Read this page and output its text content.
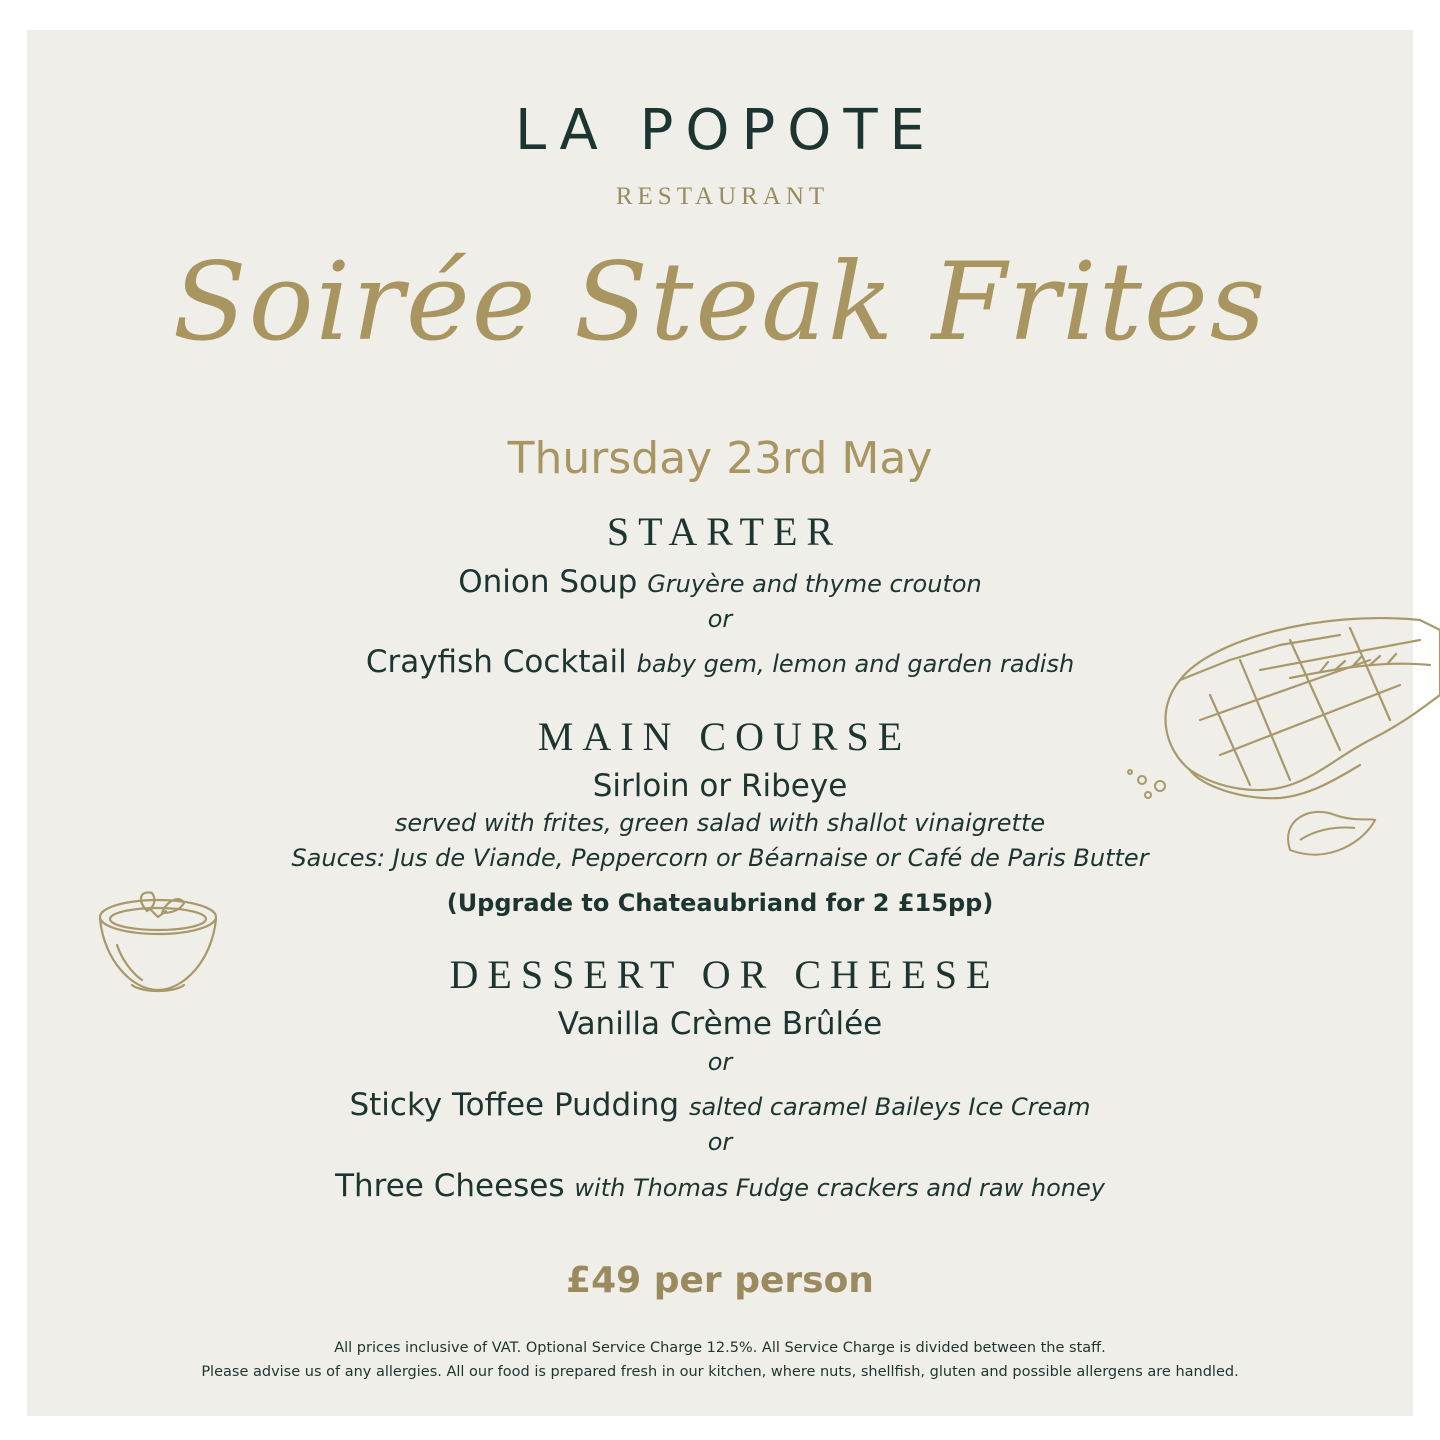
LA POPOTE
RESTAURANT
Soirée Steak Frites
Thursday 23rd May
STARTER
Onion Soup Gruyère and thyme crouton
or
Crayfish Cocktail baby gem, lemon and garden radish
MAIN COURSE
Sirloin or Ribeye
served with frites, green salad with shallot vinaigrette
Sauces: Jus de Viande, Peppercorn or Béarnaise or Café de Paris Butter
(Upgrade to Chateaubriand for 2 £15pp)
DESSERT OR CHEESE
Vanilla Crème Brûlée
or
Sticky Toffee Pudding salted caramel Baileys Ice Cream
or
Three Cheeses with Thomas Fudge crackers and raw honey
£49 per person
All prices inclusive of VAT. Optional Service Charge 12.5%. All Service Charge is divided between the staff.
Please advise us of any allergies. All our food is prepared fresh in our kitchen, where nuts, shellfish, gluten and possible allergens are handled.
